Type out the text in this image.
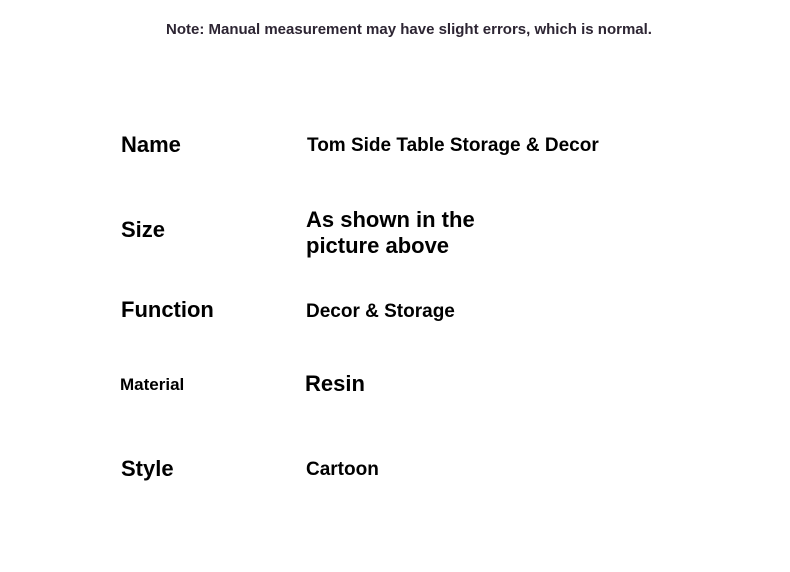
Note: Manual measurement may have slight errors, which is normal.
Name	Tom Side Table Storage & Decor
Size	As shown in the picture above
Function	Decor & Storage
Material	Resin
Style	Cartoon
